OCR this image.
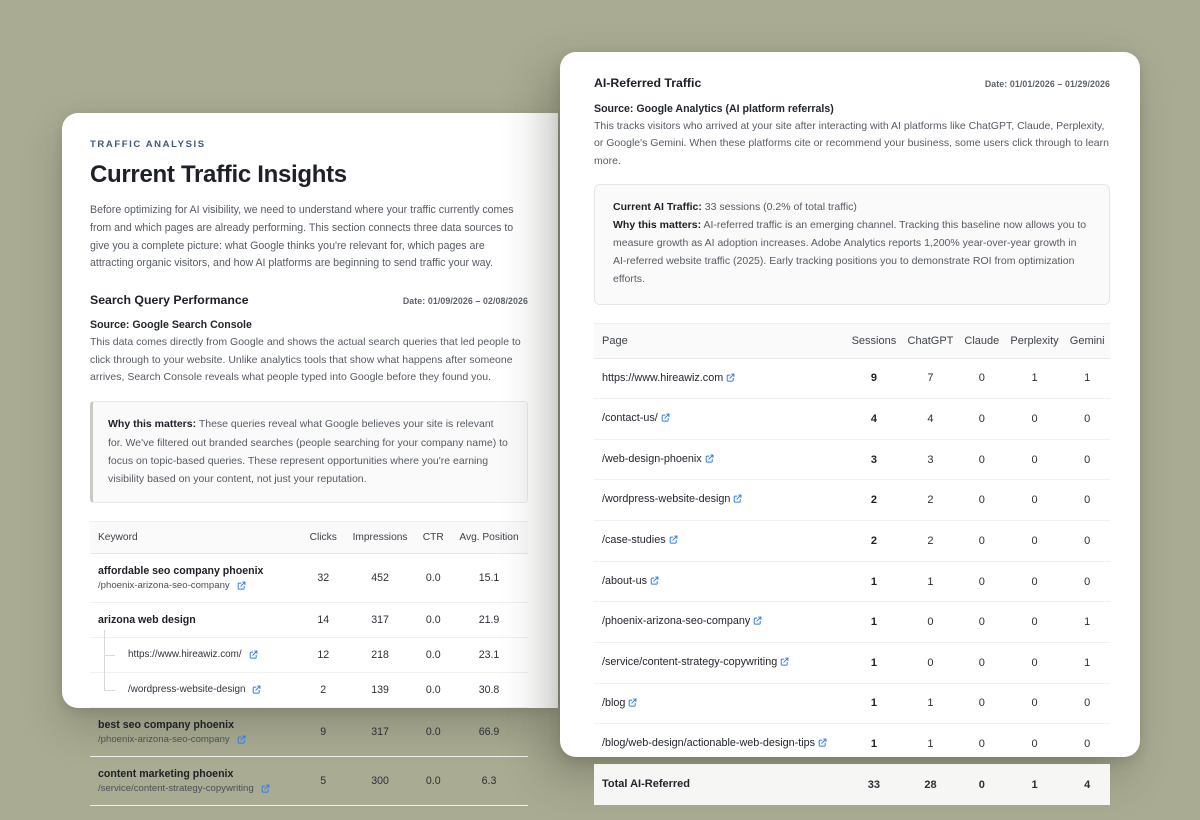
TRAFFIC ANALYSIS
Current Traffic Insights

Before optimizing for AI visibility, we need to understand where your traffic currently comes from and which pages are already performing. This section connects three data sources to give you a complete picture: what Google thinks you're relevant for, which pages are attracting organic visitors, and how AI platforms are beginning to send traffic your way.

Search Query Performance	Date: 01/09/2026 – 02/08/2026
Source: Google Search Console

This data comes directly from Google and shows the actual search queries that led people to click through to your website. Unlike analytics tools that show what happens after someone arrives, Search Console reveals what people typed into Google before they found you.

Why this matters: These queries reveal what Google believes your site is relevant for. We've filtered out branded searches (people searching for your company name) to focus on topic-based queries. These represent opportunities where you're earning visibility based on your content, not just your reputation.
Keyword	Clicks	Impressions	CTR	Avg. Position

affordable seo company phoenix
/phoenix-arizona-seo-company	32	452	0.0	15.1

arizona web design	14	317	0.0	21.9

https://www.hireawiz.com/	12	218	0.0	23.1

/wordpress-website-design	2	139	0.0	30.8

best seo company phoenix
/phoenix-arizona-seo-company	9	317	0.0	66.9

content marketing phoenix
/service/content-strategy-copywriting	5	300	0.0	6.3
AI-Referred Traffic	Date: 01/01/2026 – 01/29/2026
Source: Google Analytics (AI platform referrals)

This tracks visitors who arrived at your site after interacting with AI platforms like ChatGPT, Claude, Perplexity, or Google's Gemini. When these platforms cite or recommend your business, some users click through to learn more.

Current AI Traffic: 33 sessions (0.2% of total traffic)
Why this matters: AI-referred traffic is an emerging channel. Tracking this baseline now allows you to measure growth as AI adoption increases. Adobe Analytics reports 1,200% year-over-year growth in AI-referred website traffic (2025). Early tracking positions you to demonstrate ROI from optimization efforts.
Page	Sessions	ChatGPT	Claude	Perplexity	Gemini
https://www.hireawiz.com	9	7	0	1	1
/contact-us/	4	4	0	0	0
/web-design-phoenix	3	3	0	0	0
/wordpress-website-design	2	2	0	0	0
/case-studies	2	2	0	0	0
/about-us	1	1	0	0	0
/phoenix-arizona-seo-company	1	0	0	0	1
/service/content-strategy-copywriting	1	0	0	0	1
/blog	1	1	0	0	0
/blog/web-design/actionable-web-design-tips	1	1	0	0	0
Total AI-Referred	33	28	0	1	4
